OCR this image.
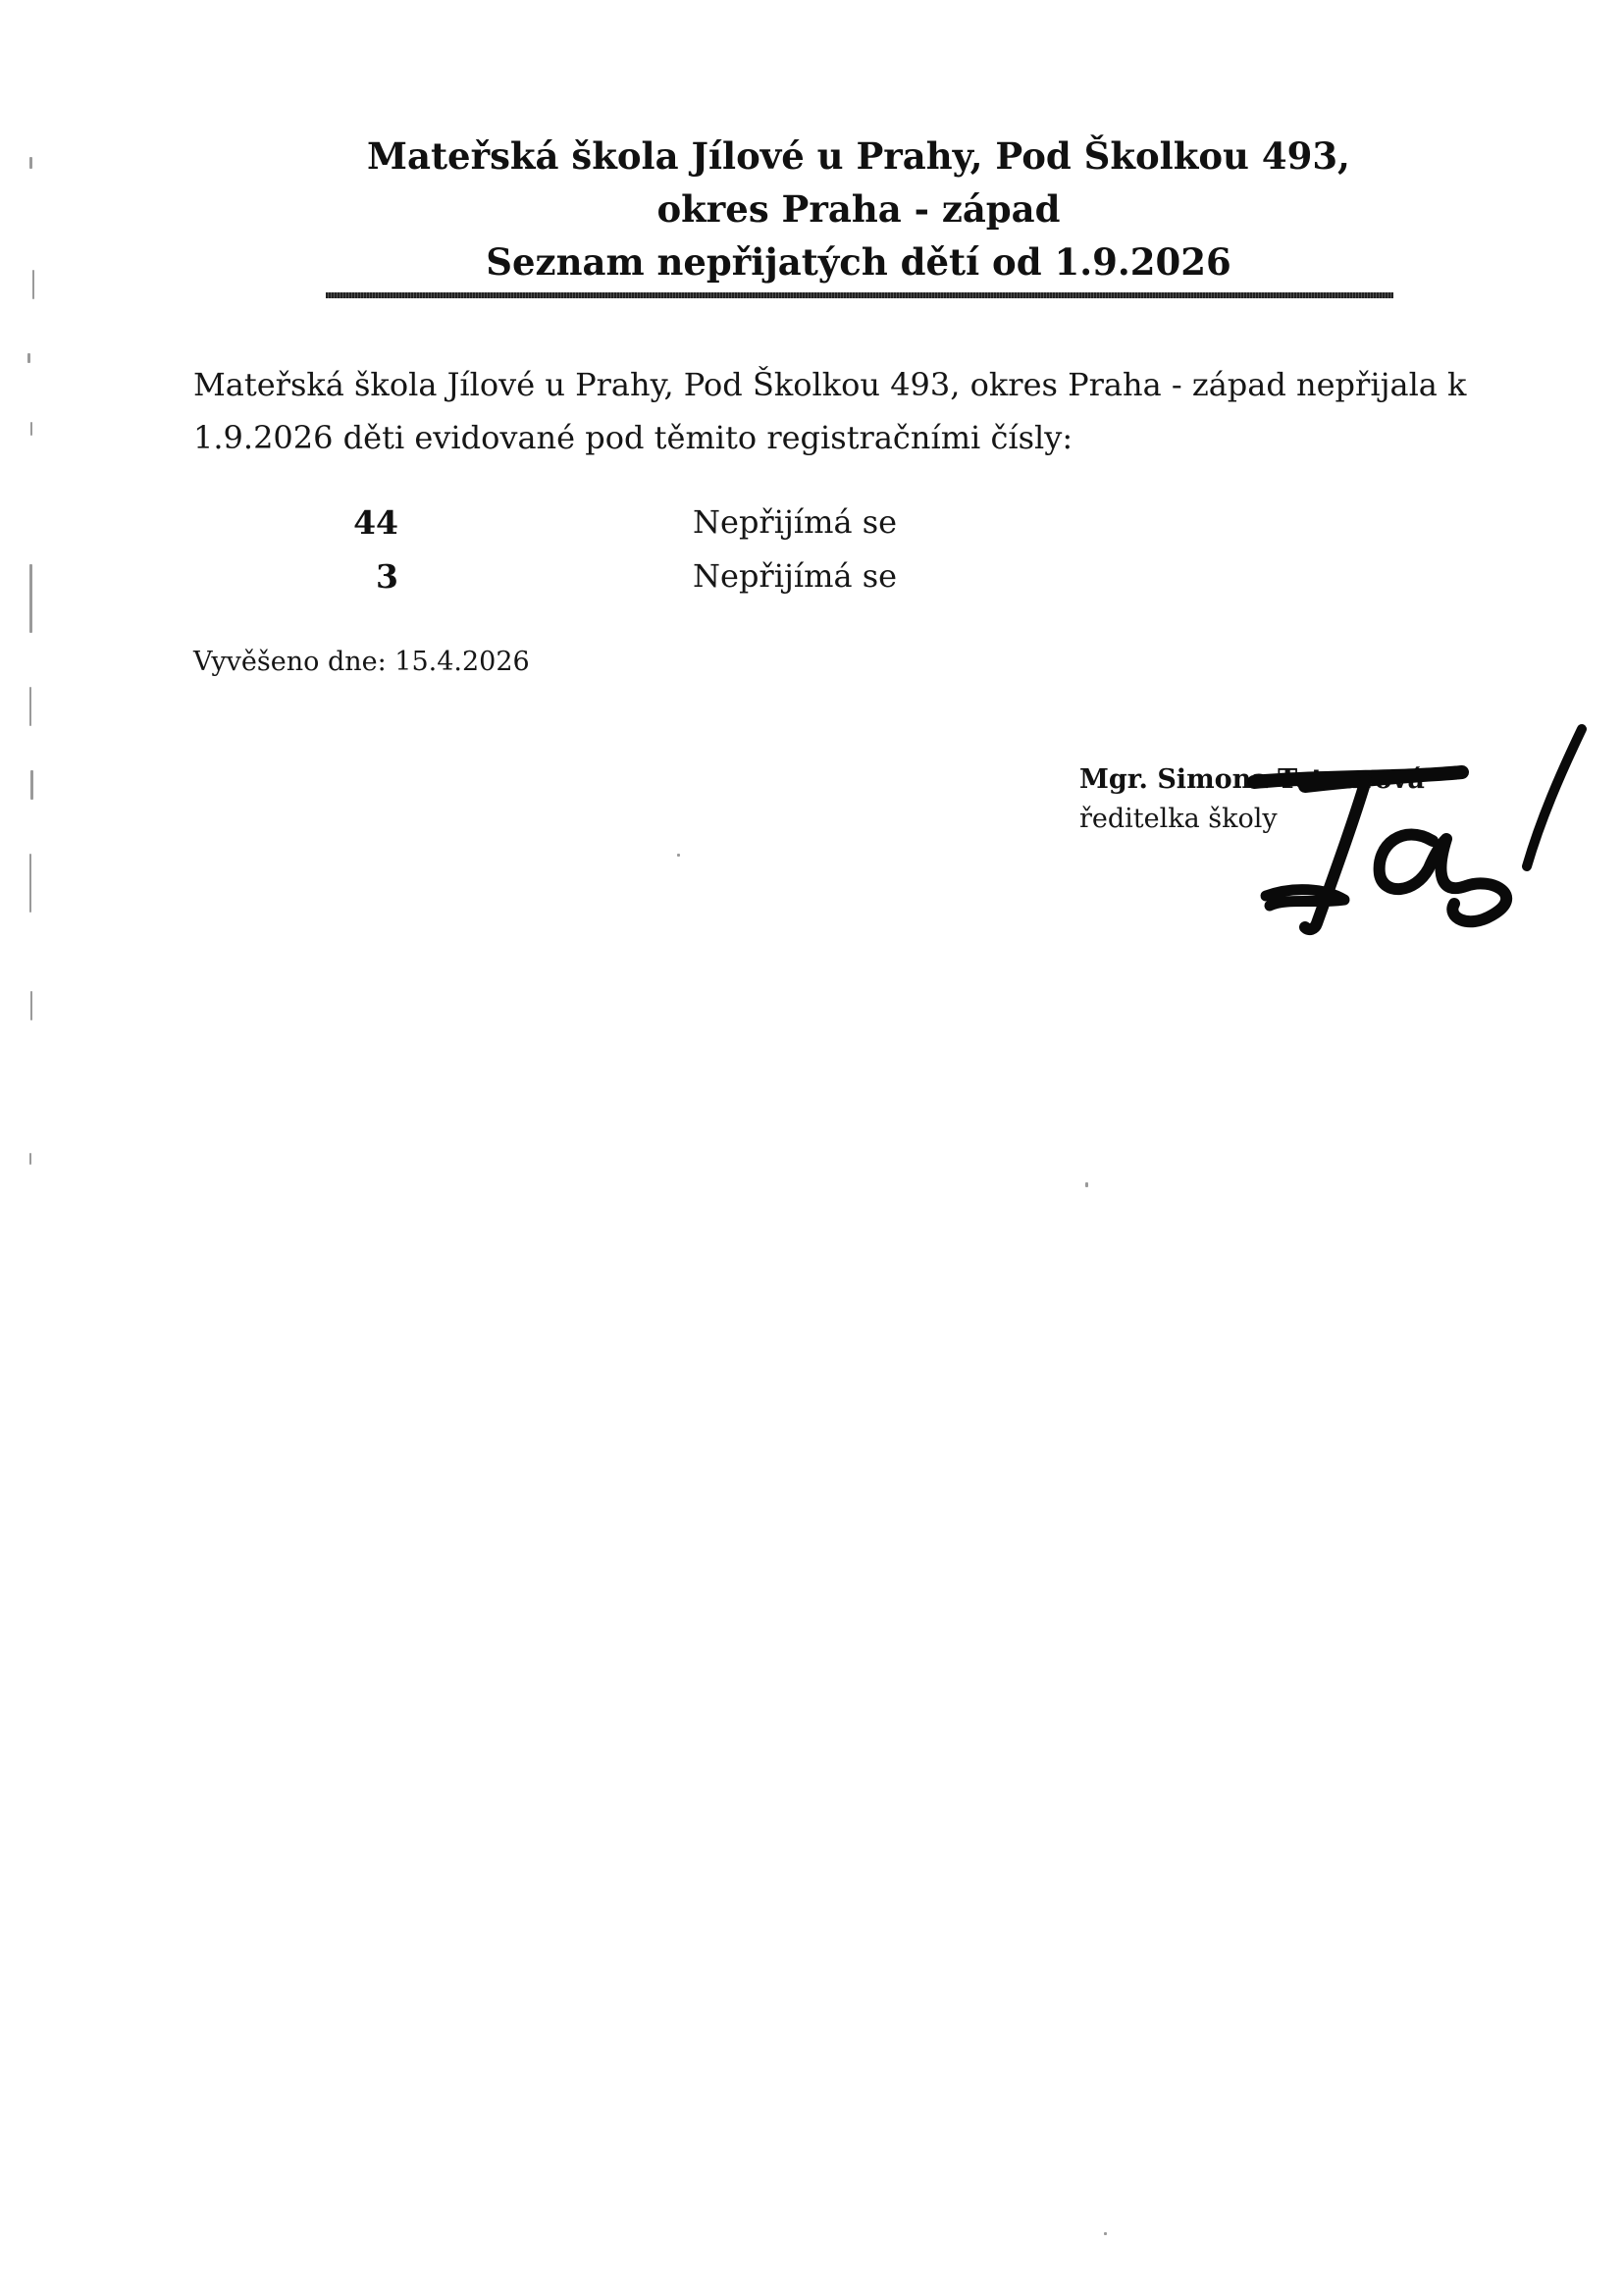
Mateřská škola Jílové u Prahy, Pod Školkou 493,
okres Praha - západ
Seznam nepřijatých dětí od 1.9.2026
Mateřská škola Jílové u Prahy, Pod Školkou 493, okres Praha - západ nepřijala k
1.9.2026 děti evidované pod těmito registračními čísly:
44	Nepřijímá se
3	Nepřijímá se
Vyvěšeno dne: 15.4.2026
Mgr. Simona Tetourová
ředitelka školy
